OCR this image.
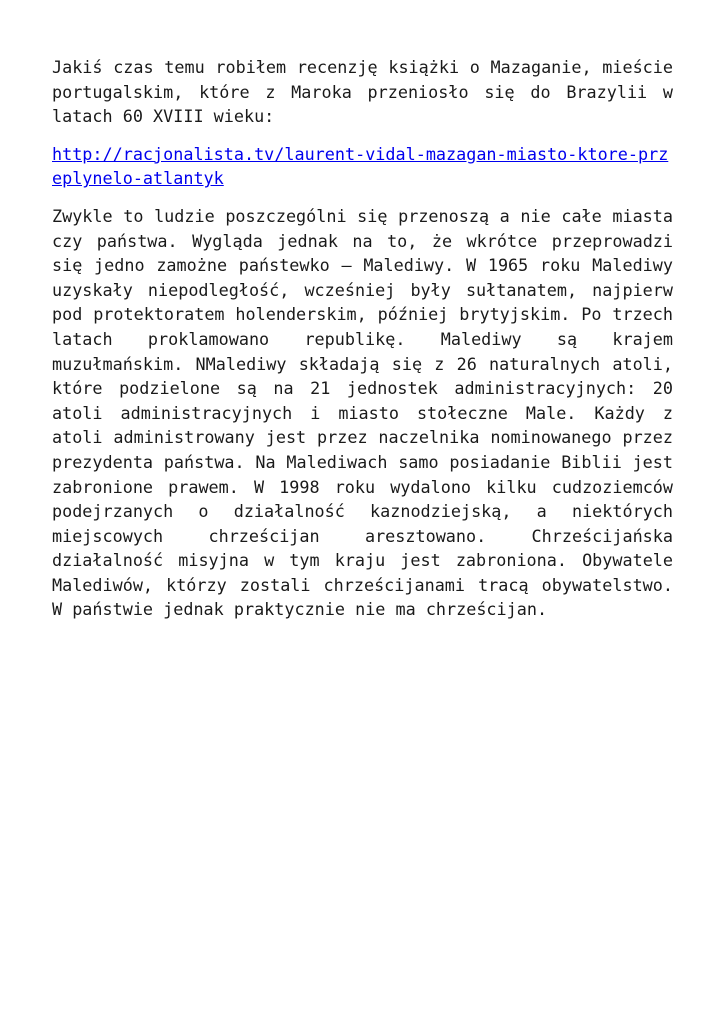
Jakiś czas temu robiłem recenzję książki o Mazaganie, mieście portugalskim, które z Maroka przeniosło się do Brazylii w latach 60 XVIII wieku:

http://racjonalista.tv/laurent-vidal-mazagan-miasto-ktore-przeplynelo-atlantyk

Zwykle to ludzie poszczególni się przenoszą a nie całe miasta czy państwa. Wygląda jednak na to, że wkrótce przeprowadzi się jedno zamożne państewko – Malediwy. W 1965 roku Malediwy uzyskały niepodległość, wcześniej były sułtanatem, najpierw pod protektoratem holenderskim, później brytyjskim. Po trzech latach proklamowano republikę. Malediwy są krajem muzułmańskim. NMalediwy składają się z 26 naturalnych atoli, które podzielone są na 21 jednostek administracyjnych: 20 atoli administracyjnych i miasto stołeczne Male. Każdy z atoli administrowany jest przez naczelnika nominowanego przez prezydenta państwa. Na Malediwach samo posiadanie Biblii jest zabronione prawem. W 1998 roku wydalono kilku cudzoziemców podejrzanych o działalność kaznodziejską, a niektórych miejscowych chrześcijan aresztowano. Chrześcijańska działalność misyjna w tym kraju jest zabroniona. Obywatele Malediwów, którzy zostali chrześcijanami tracą obywatelstwo. W państwie jednak praktycznie nie ma chrześcijan.
